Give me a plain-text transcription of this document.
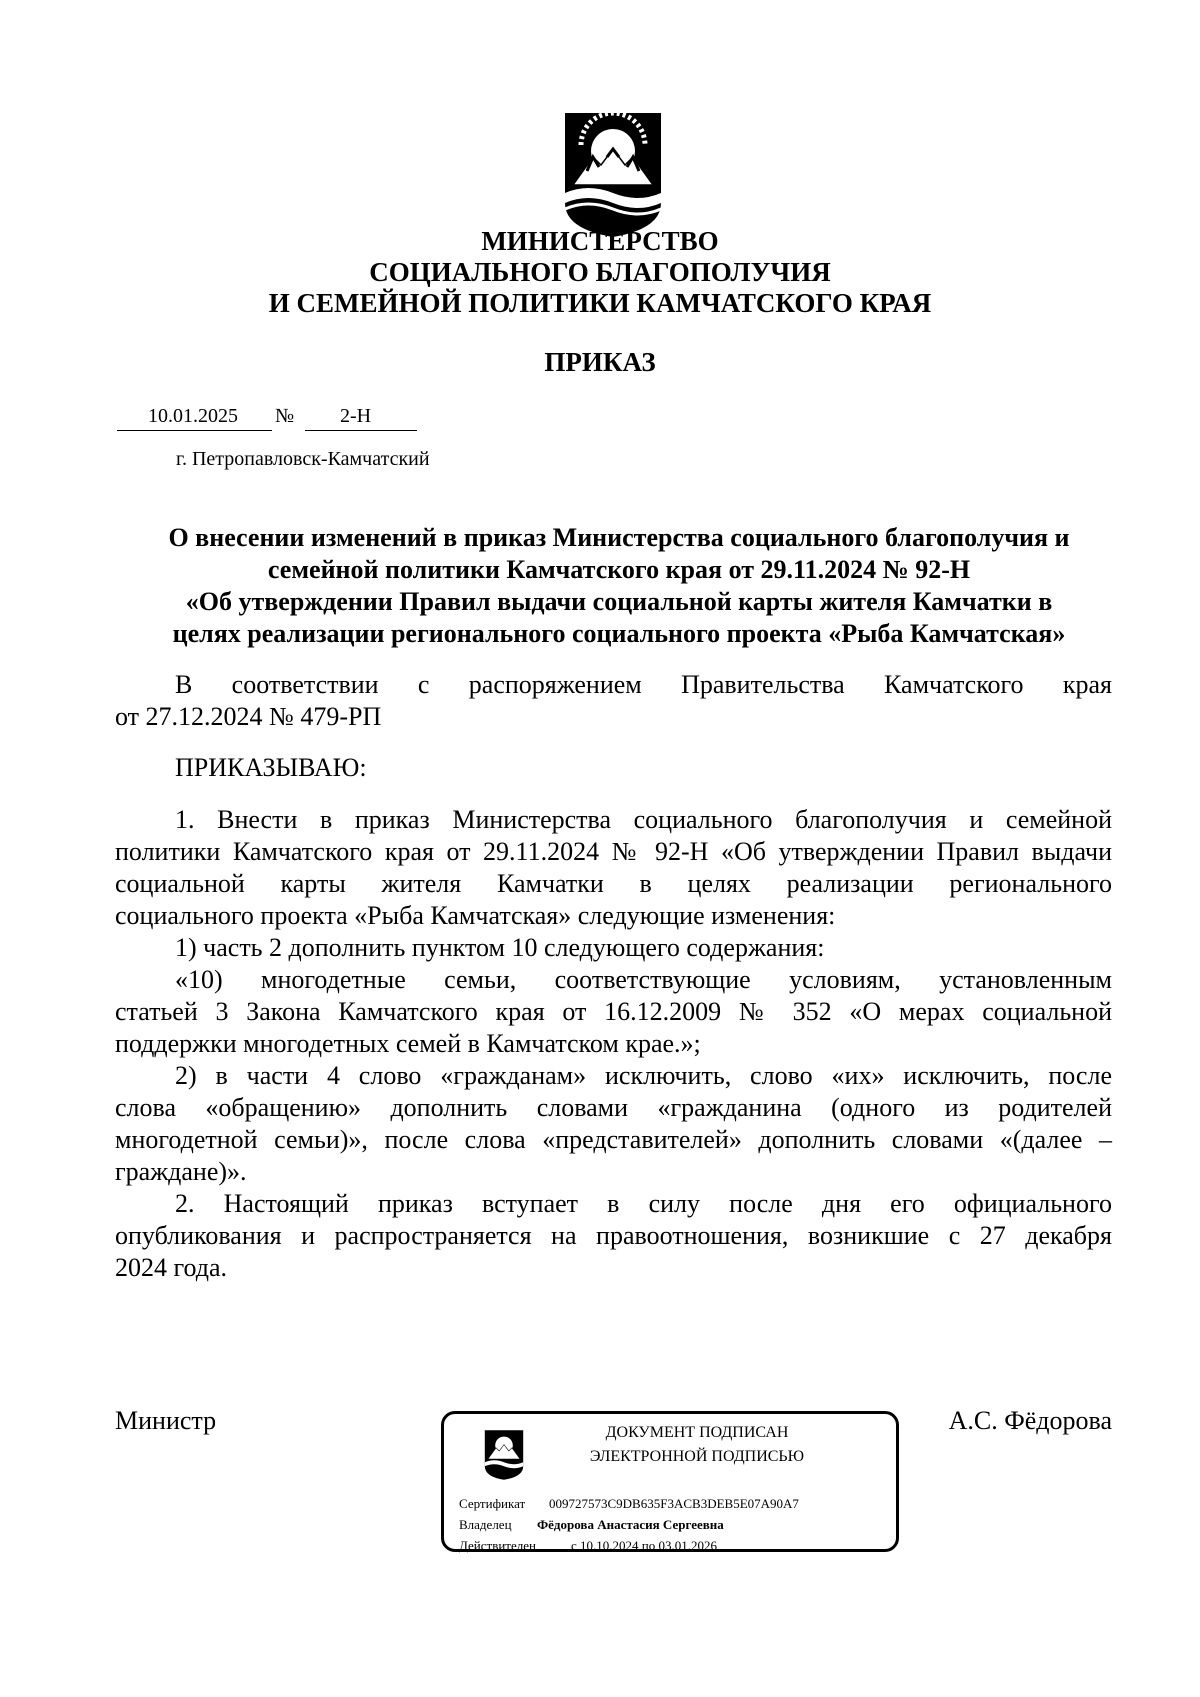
МИНИСТЕРСТВО
СОЦИАЛЬНОГО БЛАГОПОЛУЧИЯ
И СЕМЕЙНОЙ ПОЛИТИКИ КАМЧАТСКОГО КРАЯ
ПРИКАЗ
10.01.2025 № 2-Н
г. Петропавловск-Камчатский
О внесении изменений в приказ Министерства социального благополучия и
семейной политики Камчатского края от 29.11.2024 № 92-Н
«Об утверждении Правил выдачи социальной карты жителя Камчатки в
целях реализации регионального социального проекта «Рыба Камчатская»
В соответствии с распоряжением Правительства Камчатского края
от 27.12.2024 № 479-РП
ПРИКАЗЫВАЮ:
1. Внести в приказ Министерства социального благополучия и семейной
политики Камчатского края от 29.11.2024 № 92-Н «Об утверждении Правил выдачи
социальной карты жителя Камчатки в целях реализации регионального
социального проекта «Рыба Камчатская» следующие изменения:
1) часть 2 дополнить пунктом 10 следующего содержания:
«10) многодетные семьи, соответствующие условиям, установленным
статьей 3 Закона Камчатского края от 16.12.2009 № 352 «О мерах социальной
поддержки многодетных семей в Камчатском крае.»;
2) в части 4 слово «гражданам» исключить, слово «их» исключить, после
слова «обращению» дополнить словами «гражданина (одного из родителей
многодетной семьи)», после слова «представителей» дополнить словами «(далее –
граждане)».
2. Настоящий приказ вступает в силу после дня его официального
опубликования и распространяется на правоотношения, возникшие с 27 декабря
2024 года.
Министр	А.С. Фёдорова
ДОКУМЕНТ ПОДПИСАН
ЭЛЕКТРОННОЙ ПОДПИСЬЮ
Сертификат 009727573C9DB635F3ACB3DEB5E07A90A7
Владелец Фёдорова Анастасия Сергеевна
Действителен	с 10.10.2024 по 03.01.2026
